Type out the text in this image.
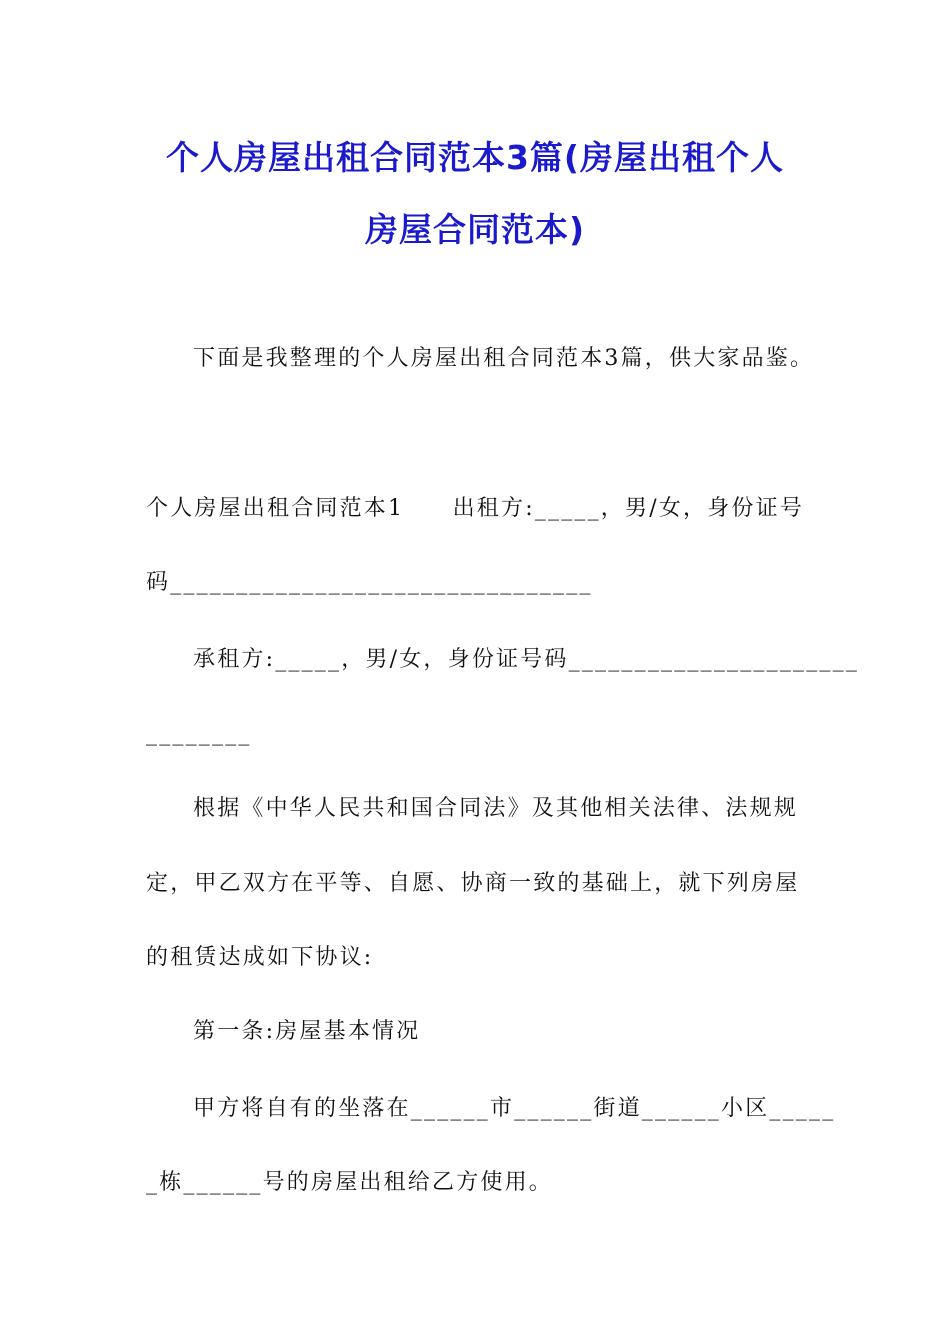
个人房屋出租合同范本3篇(房屋出租个人
房屋合同范本)
下面是我整理的个人房屋出租合同范本3篇，供大家品鉴。
个人房屋出租合同范本1　　出租方:_____，男/女，身份证号
码________________________________
承租方:_____，男/女，身份证号码______________________
________
根据《中华人民共和国合同法》及其他相关法律、法规规
定，甲乙双方在平等、自愿、协商一致的基础上，就下列房屋
的租赁达成如下协议:
第一条:房屋基本情况
甲方将自有的坐落在______市______街道______小区_____
_栋______号的房屋出租给乙方使用。
